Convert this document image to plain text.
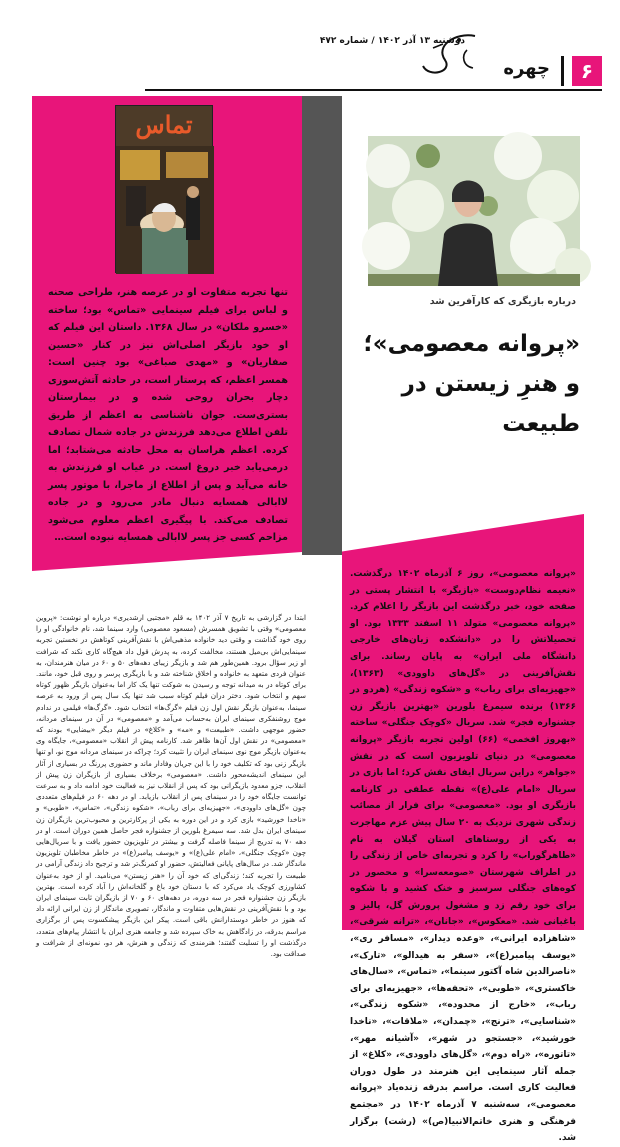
۶
چهره
دوشنبه ۱۳ آذر ۱۴۰۲ / شماره ۴۷۲
تماس
تنها تجربه متفاوت او در عرصه هنر، طراحی صحنه و لباس برای فیلم سینمایی «تماس» بود؛ ساخته «خسرو ملکان» در سال ۱۳۶۸. داستان این فیلم که او خود بازیگر اصلی‌اش نیز در کنار «حسین صفاریان» و «مهدی صباغی» بود چنین است: همسر اعظم، که پرستار است، در حادثه آتش‌سوزی دچار بحران روحی شده و در بیمارستان بستری‌ست. جوان ناشناسی به اعظم از طریق تلفن اطلاع می‌دهد فرزندش در جاده شمال تصادف کرده. اعظم هراسان به محل حادثه می‌شتابد؛ اما درمی‌یابد خبر دروغ است. در غیاب او فرزندش به خانه می‌آید و پس از اطلاع از ماجرا، با موتور پسر لاابالی همسایه دنبال مادر می‌رود و در جاده تصادف می‌کند. با پیگیری اعظم معلوم می‌شود مزاحم کسی جز پسر لاابالی همسایه نبوده است…
درباره بازیگری که کارآفرین شد
«پروانه معصومی»؛
و هنرِ زیستن در طبیعت
«پروانه معصومی»، روز ۶ آذرماه ۱۴۰۲ درگذشت. «نعیمه نظام‌دوست» «بازیگر» با انتشار پستی در صفحه خود، خبر درگذشت این بازیگر را اعلام کرد. «پروانه معصومی» متولد ۱۱ اسفند ۱۳۳۳ بود. او تحصیلاتش را در «دانشکده زبان‌های خارجی دانشگاه ملی ایران» به پایان رساند. برای نقش‌آفرینی در «گل‌های داوودی» (۱۳۶۳)، «جهیزیه‌ای برای رباب» و «شکوه زندگی» (هردو در ۱۳۶۶) برنده سیمرغ بلورین «بهترین بازیگر زن جشنواره فجر» شد. سریال «کوچک جنگلی» ساخته «بهروز افخمی» (۶۶) اولین تجربه بازیگر «پروانه معصومی» در دنیای تلویزیون است که در نقش «جواهر» دراین سریال ایفای نقش کرد؛ اما بازی در سریال «امام علی(ع)» نقطه عطفی در کارنامه بازیگری او بود. «معصومی» برای فرار از مصائب زندگی شهری نزدیک به ۲۰ سال پیش عزم مهاجرت به یکی از روستاهای استان گیلان به نام «طاهرگوراب» را کرد و تجربه‌ای خاص از زندگی را در اطراف شهرستان «صومعه‌سرا» و محصور در کوه‌های جنگلی سرسبز و خنک کشید و با شکوه برای خود رقم زد و مشغول پرورش گل، پالیز و باغبانی شد. «معکوس»، «جانان»، «ترانه شرقی»، «شاهزاده ایرانی»، «وعده دیدار»، «مسافر ری»، «یوسف پیامبر(ع)»، «سفر به هیدالو»، «تارک»، «ناصرالدین شاه آکتور سینما»، «تماس»، «سال‌های خاکستری»، «طوبی»، «تحفه‌ها»، «جهیزیه‌ای برای رباب»، «خارج از محدوده»، «شکوه زندگی»، «شناسایی»، «ترنج»، «چمدان»، «ملاقات»، «ناخدا خورشید»، «جستجو در شهر»، «آشیانه مهر»، «تاتوره»، «راه دوم»، «گل‌های داوودی»، «کلاغ» از جمله آثار سینمایی این هنرمند در طول دوران فعالیت کاری است. مراسم بدرقه زنده‌یاد «پروانه معصومی»، سه‌شنبه ۷ آذرماه ۱۴۰۲ در «مجتمع فرهنگی و هنری خاتم‌الانبیا(ص)» (رشت) برگزار شد.
ابتدا در گزارشی به تاریخ ۷ آذر ۱۴۰۲ به قلم «مجتبی ارشدیری» درباره او نوشت: «پروین معصومی» وقتی با تشویق همسرش (مسعود معصومی) وارد سینما شد، نام خانوادگی او را روی خود گذاشت و وقتی دید خانواده مذهبی‌اش با نقش‌آفرینی کوتاهش در نخستین تجربه سینمایی‌اش بی‌میل هستند، مخالفت کرده، به پدرش قول داد هیچ‌گاه کاری نکند که شرافت او زیر سؤال برود. همین‌طور هم شد و بازیگر زیبای دهه‌های ۵۰ و ۶۰ در میان هنرمندان، به عنوان فردی متعهد به خانواده و اخلاق شناخته شد و با بازیگری پرسر و روی قبل خود، مانند. برای کوتاه در به میدانه توجه و رسیدن به شوکت تنها یک کار اما به‌عنوان بازیگر ظهور کوتاه سهم و انتخاب شود. دختر دران فیلم کوتاه سبب شد تنها یک سال پس از ورود به عرصه سینما، به‌عنوان بازیگر نقش اول زن فیلم «گرگ‌ها» انتخاب شود. «گرگ‌ها» فیلمی در ندادم موج روشنفکری سینمای ایران به‌حساب می‌آمد و «معصومی» در آن در سینمای مردانه، حضور موجهی داشت. «طبیعت» و «مه» و «کلاغ» در فیلم دیگر «بیضایی» بودند که «معصومی» در نقش اول آن‌ها ظاهر شد. کارنامه پیش از انقلاب «معصومی»، جایگاه وی به‌عنوان بازیگر موج نوی سینمای ایران را تثبیت کرد؛ چراکه در سینمای مردانه موج نو، او تنها بازیگر زنی بود که تکلیف خود را با این جریان وفادار ماند و حضوری پررنگ در بسیاری از آثار این سینمای اندیشه‌محور داشت. «معصومی» برخلاف بسیاری از بازیگران زن پیش از انقلاب، جزو معدود بازیگرانی بود که پس از انقلاب نیز به فعالیت خود ادامه داد و به سرعت توانست جایگاه خود را در سینمای پس از انقلاب بازیابد. او در دهه ۶۰ در فیلم‌های متعددی چون «گل‌های داوودی»، «جهیزیه‌ای برای رباب»، «شکوه زندگی»، «تماس»، «طوبی» و «ناخدا خورشید» بازی کرد و در این دوره به یکی از پرکارترین و محبوب‌ترین بازیگران زن سینمای ایران بدل شد. سه سیمرغ بلورین از جشنواره فجر حاصل همین دوران است. او در دهه ۷۰ به تدریج از سینما فاصله گرفت و بیشتر در تلویزیون حضور یافت و با سریال‌هایی چون «کوچک جنگلی»، «امام علی(ع)» و «یوسف پیامبر(ع)» در خاطر مخاطبان تلویزیون ماندگار شد. در سال‌های پایانی فعالیتش، حضور او کمرنگ‌تر شد و ترجیح داد زندگی آرامی در طبیعت را تجربه کند؛ زندگی‌ای که خود آن را «هنر زیستن» می‌نامید. او از خود به‌عنوان کشاورزی کوچک یاد می‌کرد که با دستان خود باغ و گلخانه‌اش را آباد کرده است. بهترین بازیگر زن جشنواره فجر در سه دوره، در دهه‌های ۶۰ و ۷۰ از بازیگران ثابت سینمای ایران بود و با نقش‌آفرینی در نقش‌هایی متفاوت و ماندگار، تصویری ماندگار از زن ایرانی ارائه داد که هنوز در خاطر دوستدارانش باقی است. پیکر این بازیگر پیشکسوت پس از برگزاری مراسم بدرقه، در زادگاهش به خاک سپرده شد و جامعه هنری ایران با انتشار پیام‌های متعدد، درگذشت او را تسلیت گفتند؛ هنرمندی که زندگی و هنرش، هر دو، نمونه‌ای از شرافت و صداقت بود.
